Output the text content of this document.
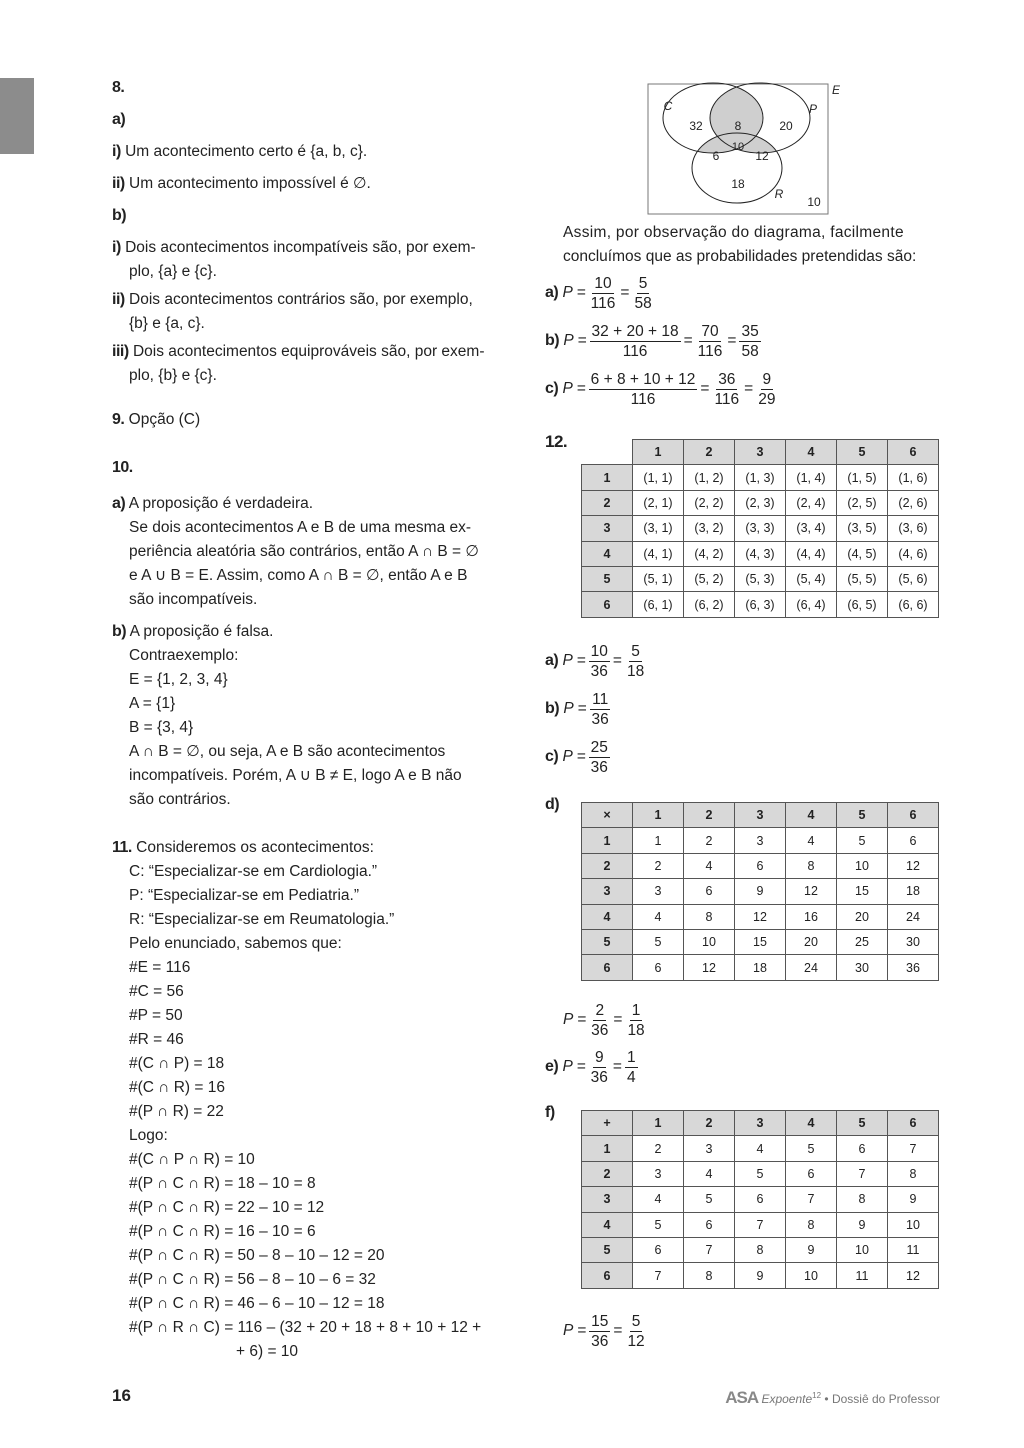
8.
a)
i) Um acontecimento certo é {a, b, c}.
ii) Um acontecimento impossível é ∅.
b)
i) Dois acontecimentos incompatíveis são, por exem-
plo, {a} e {c}.
ii) Dois acontecimentos contrários são, por exemplo,
{b} e {a, c}.
iii) Dois acontecimentos equiprováveis são, por exem-
plo, {b} e {c}.
9. Opção (C)
10.
a) A proposição é verdadeira.
Se dois acontecimentos A e B de uma mesma ex-
periência aleatória são contrários, então A ∩ B = ∅
e A ∪ B = E. Assim, como A ∩ B = ∅, então A e B
são incompatíveis.
b) A proposição é falsa.
Contraexemplo:
E = {1, 2, 3, 4}
A = {1}
B = {3, 4}
A ∩ B = ∅, ou seja, A e B são acontecimentos
incompatíveis. Porém, A ∪ B ≠ E, logo A e B não
são contrários.
11. Consideremos os acontecimentos:
C: “Especializar-se em Cardiologia.”
P: “Especializar-se em Pediatria.”
R: “Especializar-se em Reumatologia.”
Pelo enunciado, sabemos que:
#E = 116
#C = 56
#P = 50
#R = 46
#(C ∩ P) = 18
#(C ∩ R) = 16
#(P ∩ R) = 22
Logo:
#(C ∩ P ∩ R) = 10
#(P ∩ C ∩ R) = 18 – 10 = 8
#(P ∩ C ∩ R) = 22 – 10 = 12
#(P ∩ C ∩ R) = 16 – 10 = 6
#(P ∩ C ∩ R) = 50 – 8 – 10 – 12 = 20
#(P ∩ C ∩ R) = 56 – 8 – 10 – 6 = 32
#(P ∩ C ∩ R) = 46 – 6 – 10 – 12 = 18
#(P ∩ R ∩ C) = 116 – (32 + 20 + 18 + 8 + 10 + 12 +
+ 6) = 10
E
C	P
R
32	8	20
10
6	12
18
10
Assim, por observação do diagrama, facilmente
concluímos que as probabilidades pretendidas são:
a)
$P = \frac{10}{116} = \frac{5}{58}$
b)
$P = \frac{32 + 20 + 18}{116} = \frac{70}{116} = \frac{35}{58}$
c)
$P = \frac{6 + 8 + 10 + 12}{116} = \frac{36}{116} = \frac{9}{29}$
12.
	1	2	3	4	5	6
1	(1, 1)	(1, 2)	(1, 3)	(1, 4)	(1, 5)	(1, 6)
2	(2, 1)	(2, 2)	(2, 3)	(2, 4)	(2, 5)	(2, 6)
3	(3, 1)	(3, 2)	(3, 3)	(3, 4)	(3, 5)	(3, 6)
4	(4, 1)	(4, 2)	(4, 3)	(4, 4)	(4, 5)	(4, 6)
5	(5, 1)	(5, 2)	(5, 3)	(5, 4)	(5, 5)	(5, 6)
6	(6, 1)	(6, 2)	(6, 3)	(6, 4)	(6, 5)	(6, 6)
a)
$P = \frac{10}{36} = \frac{5}{18}$
b)
$P = \frac{11}{36}$
c)
$P = \frac{25}{36}$
d)
×	1	2	3	4	5	6
1	1	2	3	4	5	6
2	2	4	6	8	10	12
3	3	6	9	12	15	18
4	4	8	12	16	20	24
5	5	10	15	20	25	30
6	6	12	18	24	30	36
$P = \frac{2}{36} = \frac{1}{18}$
e)
$P = \frac{9}{36} = \frac{1}{4}$
f)
+	1	2	3	4	5	6
1	2	3	4	5	6	7
2	3	4	5	6	7	8
3	4	5	6	7	8	9
4	5	6	7	8	9	10
5	6	7	8	9	10	11
6	7	8	9	10	11	12
$P = \frac{15}{36} = \frac{5}{12}$
16	ASA Expoente$^{12}$ • Dossiê do Professor
